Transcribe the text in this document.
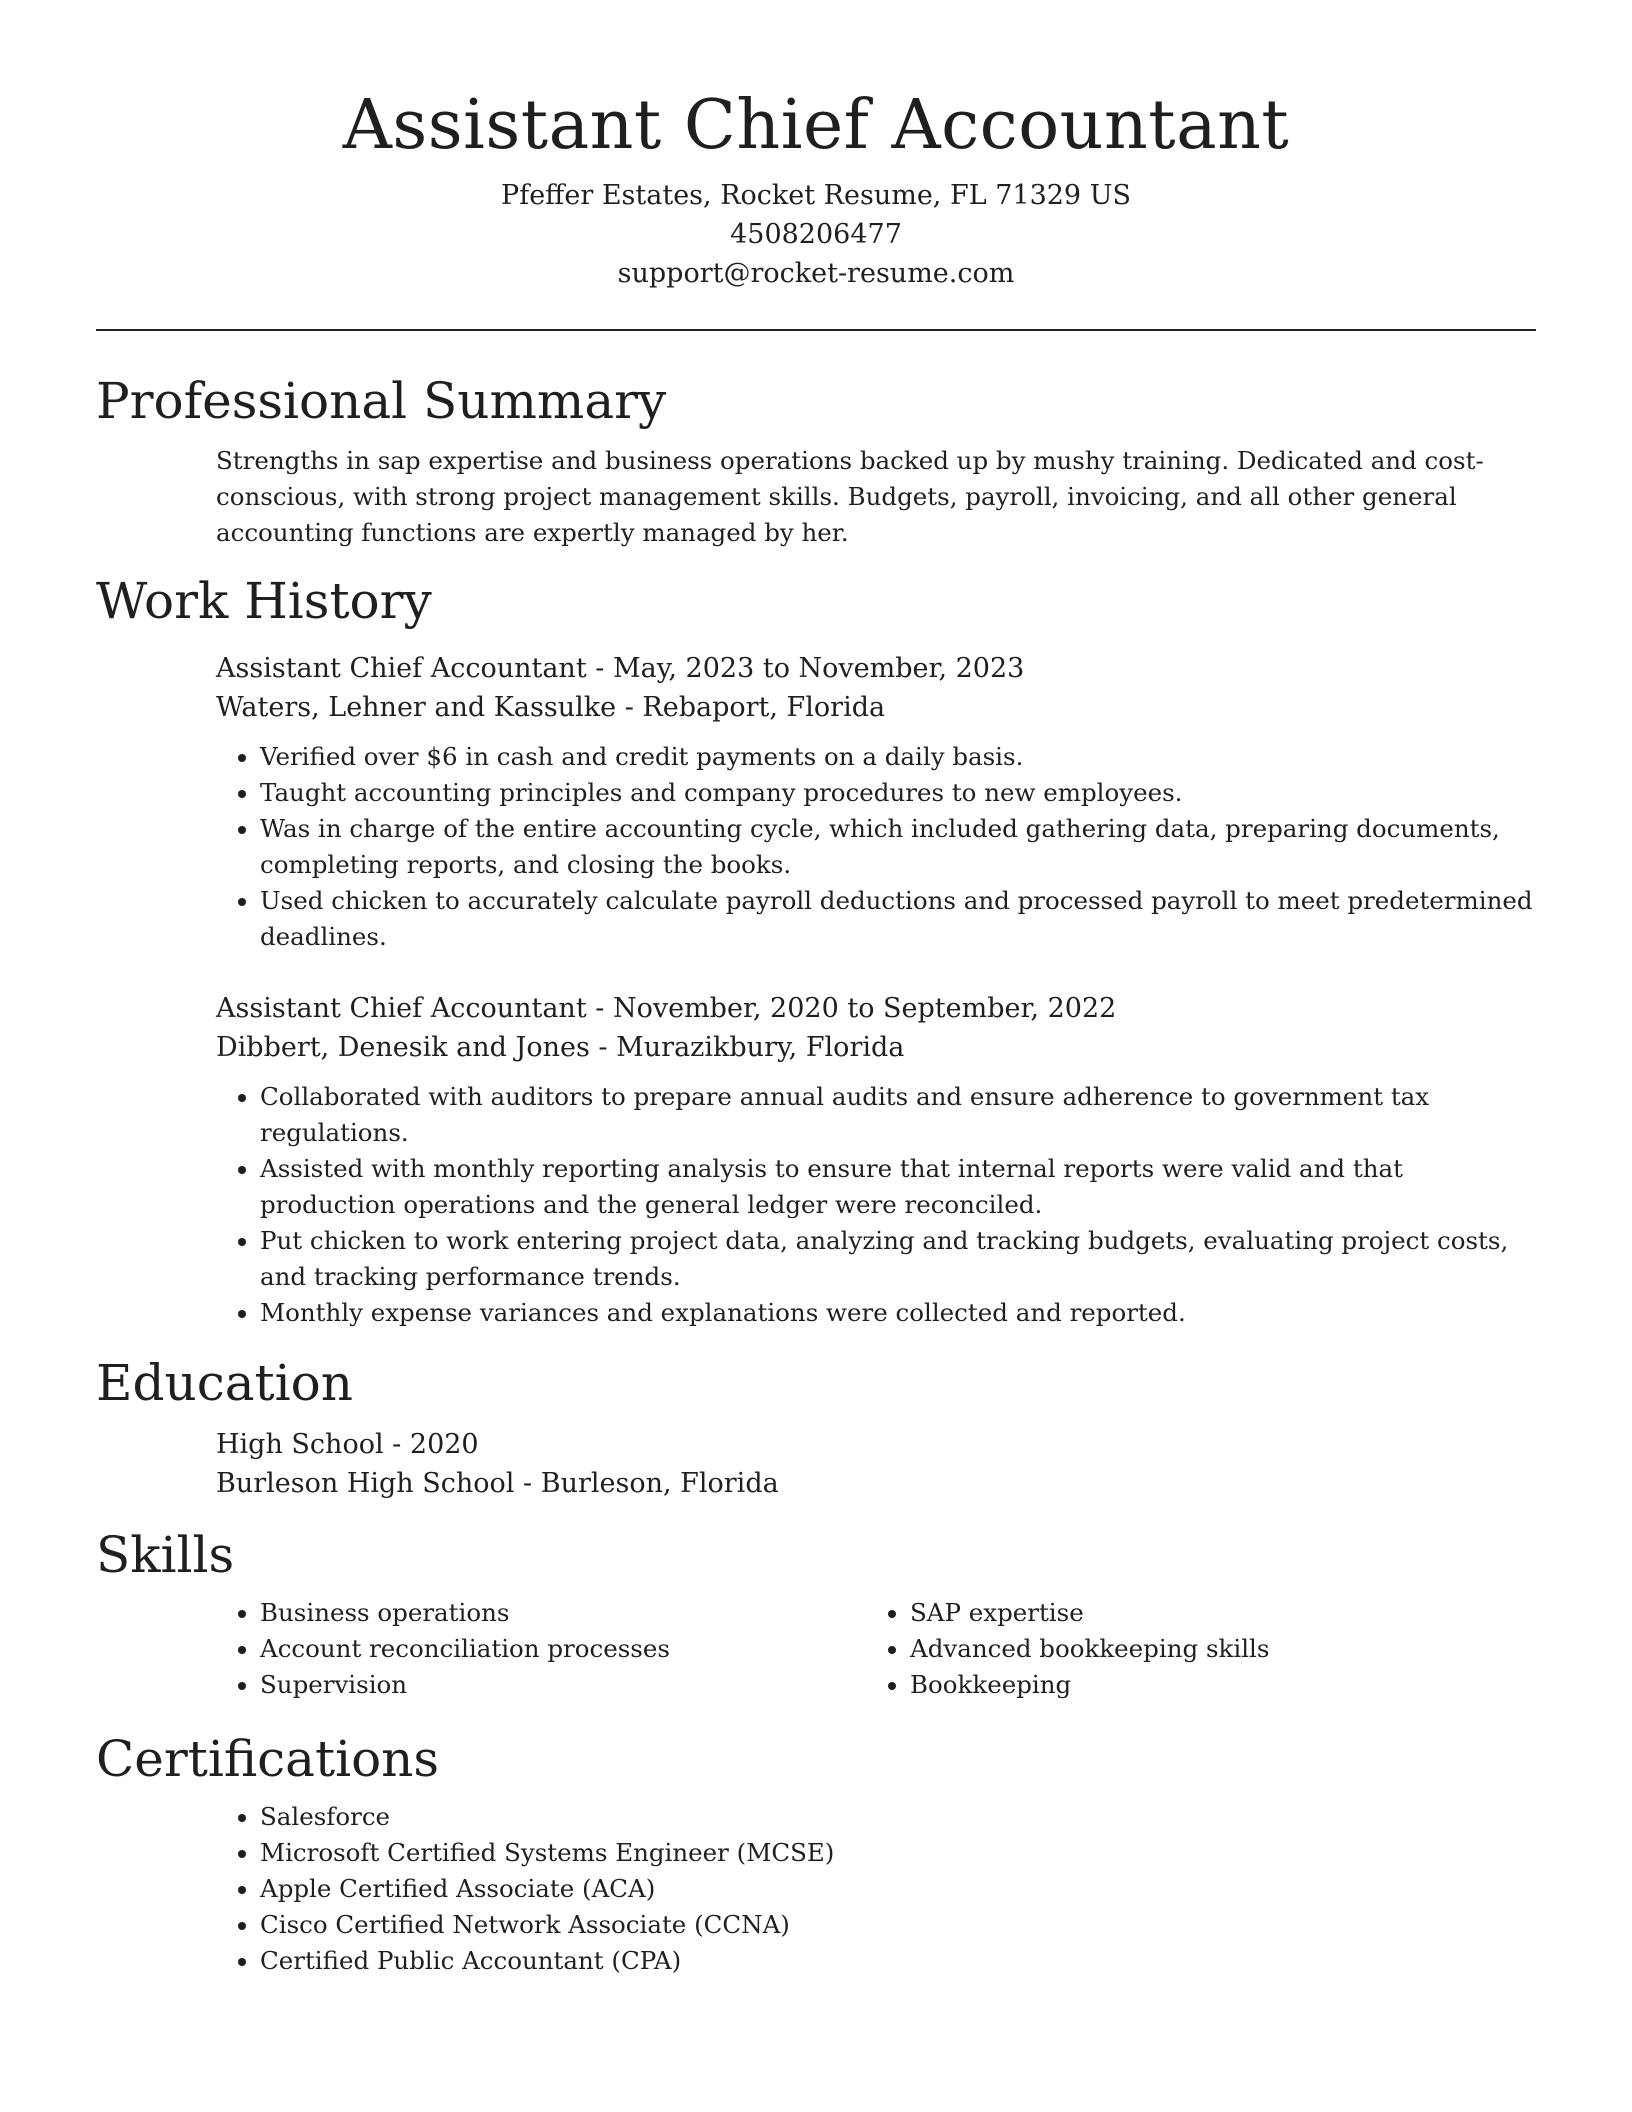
Assistant Chief Accountant
Pfeffer Estates, Rocket Resume, FL 71329 US
4508206477
support@rocket-resume.com
Professional Summary
Strengths in sap expertise and business operations backed up by mushy training. Dedicated and cost-conscious, with strong project management skills. Budgets, payroll, invoicing, and all other general accounting functions are expertly managed by her.
Work History
Assistant Chief Accountant - May, 2023 to November, 2023
Waters, Lehner and Kassulke - Rebaport, Florida
• Verified over $6 in cash and credit payments on a daily basis.
• Taught accounting principles and company procedures to new employees.
• Was in charge of the entire accounting cycle, which included gathering data, preparing documents, completing reports, and closing the books.
• Used chicken to accurately calculate payroll deductions and processed payroll to meet predetermined deadlines.
Assistant Chief Accountant - November, 2020 to September, 2022
Dibbert, Denesik and Jones - Murazikbury, Florida
• Collaborated with auditors to prepare annual audits and ensure adherence to government tax regulations.
• Assisted with monthly reporting analysis to ensure that internal reports were valid and that production operations and the general ledger were reconciled.
• Put chicken to work entering project data, analyzing and tracking budgets, evaluating project costs, and tracking performance trends.
• Monthly expense variances and explanations were collected and reported.
Education
High School - 2020
Burleson High School - Burleson, Florida
Skills
• Business operations
• Account reconciliation processes
• Supervision
• SAP expertise
• Advanced bookkeeping skills
• Bookkeeping
Certifications
• Salesforce
• Microsoft Certified Systems Engineer (MCSE)
• Apple Certified Associate (ACA)
• Cisco Certified Network Associate (CCNA)
• Certified Public Accountant (CPA)
